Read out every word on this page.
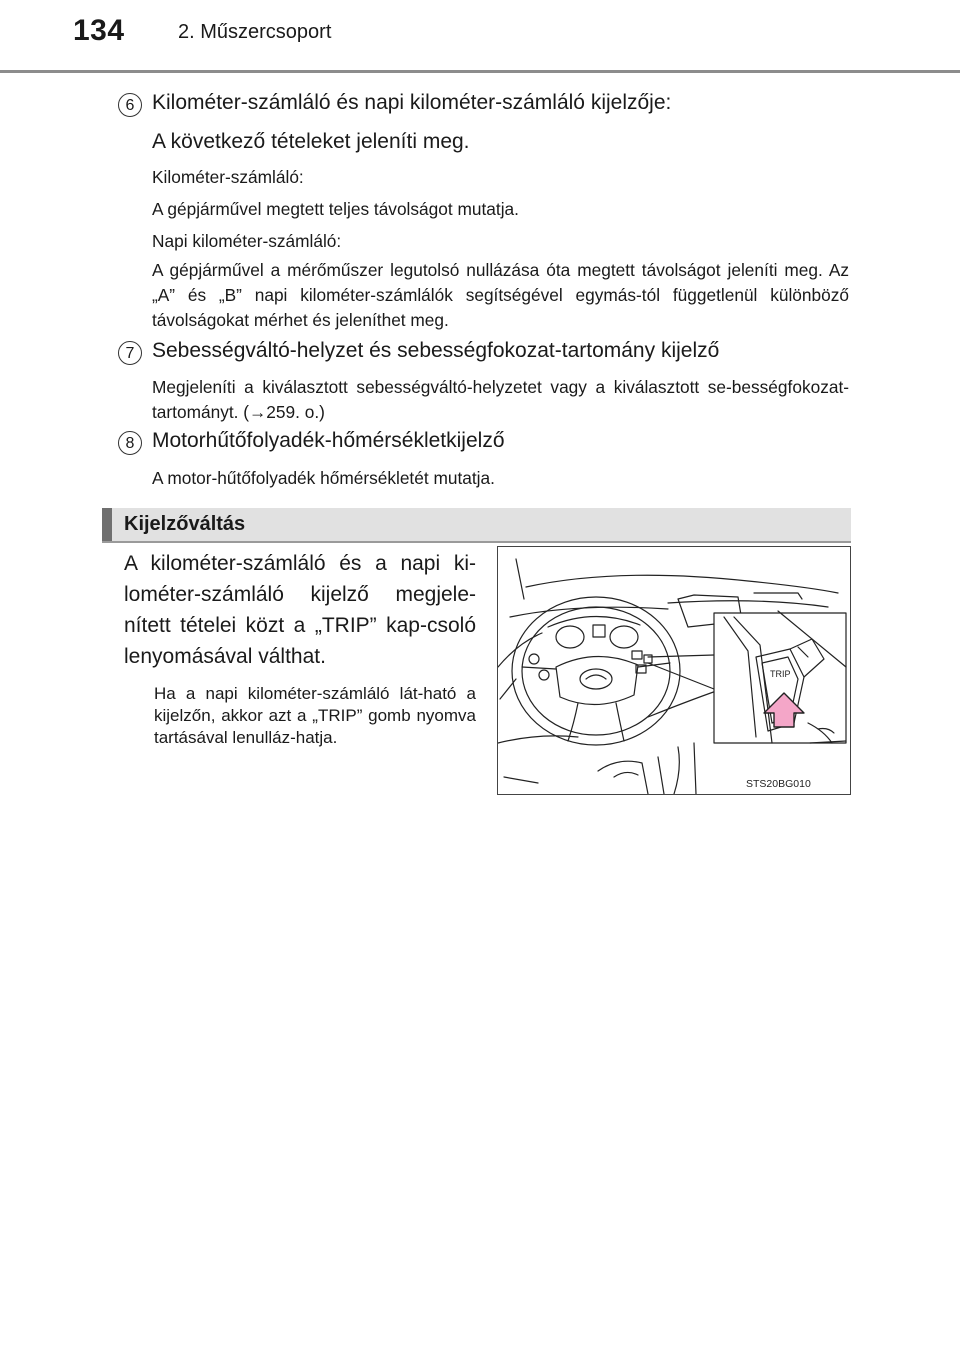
134	2. Műszercsoport
6 Kilométer-számláló és napi kilométer-számláló kijelzője:
A következő tételeket jeleníti meg.
Kilométer-számláló:
A gépjárművel megtett teljes távolságot mutatja.
Napi kilométer-számláló:
A gépjárművel a mérőműszer legutolsó nullázása óta megtett távolságot jeleníti meg. Az „A” és „B” napi kilométer-számlálók segítségével egymás-tól függetlenül különböző távolságokat mérhet és jeleníthet meg.
7 Sebességváltó-helyzet és sebességfokozat-tartomány kijelző
Megjeleníti a kiválasztott sebességváltó-helyzetet vagy a kiválasztott se-bességfokozat-tartományt. (→259. o.)
8 Motorhűtőfolyadék-hőmérsékletkijelző
A motor-hűtőfolyadék hőmérsékletét mutatja.
Kijelzőváltás
A kilométer-számláló és a napi ki-lométer-számláló kijelző megjele-nített tételei közt a „TRIP” kap-csoló lenyomásával válthat.
Ha a napi kilométer-számláló lát-ható a kijelzőn, akkor azt a „TRIP” gomb nyomva tartásával lenulláz-hatja.
TRIP
STS20BG010
